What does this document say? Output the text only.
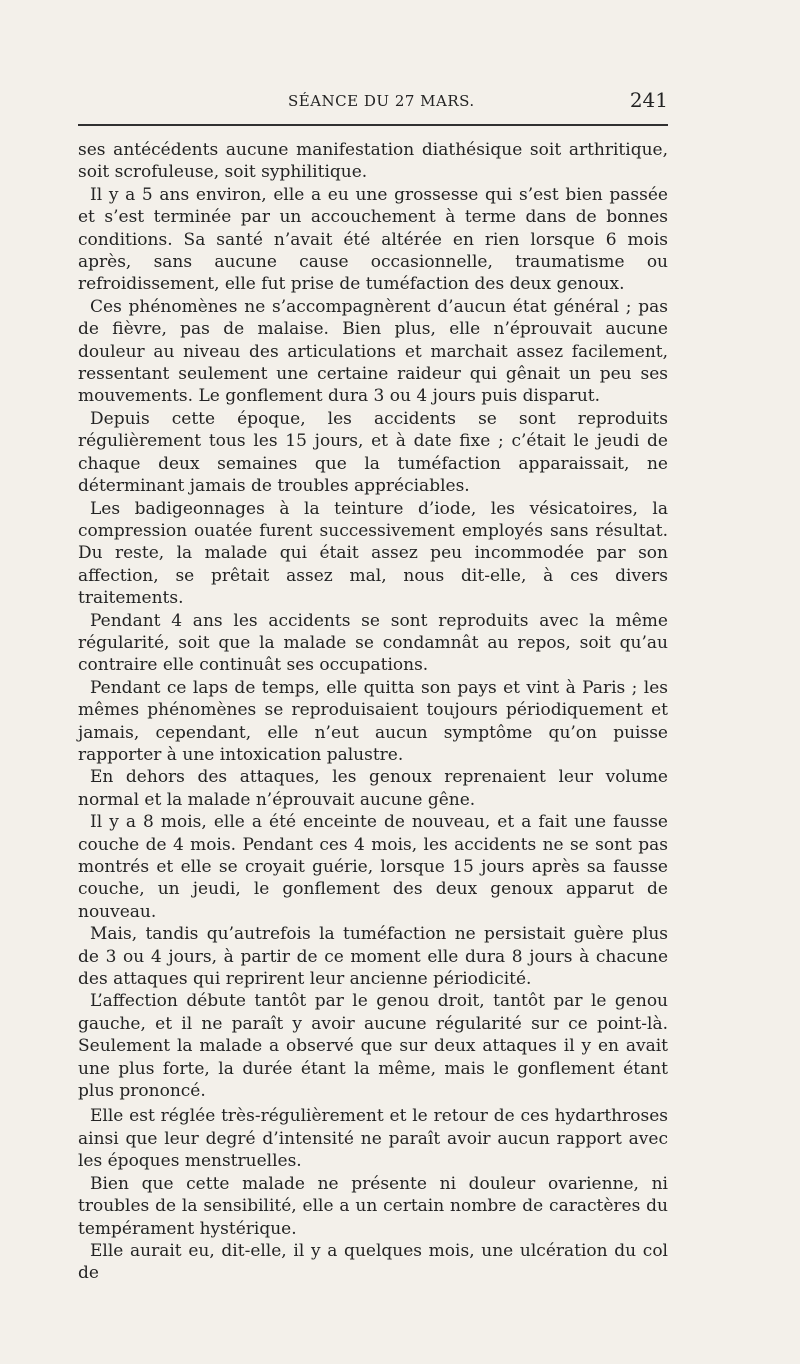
SÉANCE DU 27 MARS.	241

ses antécédents aucune manifestation diathésique soit arthritique, soit scrofuleuse, soit syphilitique.

Il y a 5 ans environ, elle a eu une grossesse qui s’est bien passée et s’est terminée par un accouchement à terme dans de bonnes conditions. Sa santé n’avait été altérée en rien lorsque 6 mois après, sans aucune cause occasionnelle, traumatisme ou refroidissement, elle fut prise de tuméfaction des deux genoux.

Ces phénomènes ne s’accompagnèrent d’aucun état général ; pas de fièvre, pas de malaise. Bien plus, elle n’éprouvait aucune douleur au niveau des articulations et marchait assez facilement, ressentant seulement une certaine raideur qui gênait un peu ses mouvements. Le gonflement dura 3 ou 4 jours puis disparut.

Depuis cette époque, les accidents se sont reproduits régulièrement tous les 15 jours, et à date fixe ; c’était le jeudi de chaque deux semaines que la tuméfaction apparaissait, ne déterminant jamais de troubles appréciables.

Les badigeonnages à la teinture d’iode, les vésicatoires, la compression ouatée furent successivement employés sans résultat. Du reste, la malade qui était assez peu incommodée par son affection, se prêtait assez mal, nous dit-elle, à ces divers traitements.

Pendant 4 ans les accidents se sont reproduits avec la même régularité, soit que la malade se condamnât au repos, soit qu’au contraire elle continuât ses occupations.

Pendant ce laps de temps, elle quitta son pays et vint à Paris ; les mêmes phénomènes se reproduisaient toujours périodiquement et jamais, cependant, elle n’eut aucun symptôme qu’on puisse rapporter à une intoxication palustre.

En dehors des attaques, les genoux reprenaient leur volume normal et la malade n’éprouvait aucune gêne.

Il y a 8 mois, elle a été enceinte de nouveau, et a fait une fausse couche de 4 mois. Pendant ces 4 mois, les accidents ne se sont pas montrés et elle se croyait guérie, lorsque 15 jours après sa fausse couche, un jeudi, le gonflement des deux genoux apparut de nouveau.

Mais, tandis qu’autrefois la tuméfaction ne persistait guère plus de 3 ou 4 jours, à partir de ce moment elle dura 8 jours à chacune des attaques qui reprirent leur ancienne périodicité.

L’affection débute tantôt par le genou droit, tantôt par le genou gauche, et il ne paraît y avoir aucune régularité sur ce point-là. Seulement la malade a observé que sur deux attaques il y en avait une plus forte, la durée étant la même, mais le gonflement étant plus prononcé.

Elle est réglée très-régulièrement et le retour de ces hydarthroses ainsi que leur degré d’intensité ne paraît avoir aucun rapport avec les époques menstruelles.

Bien que cette malade ne présente ni douleur ovarienne, ni troubles de la sensibilité, elle a un certain nombre de caractères du tempérament hystérique.

Elle aurait eu, dit-elle, il y a quelques mois, une ulcération du col de
